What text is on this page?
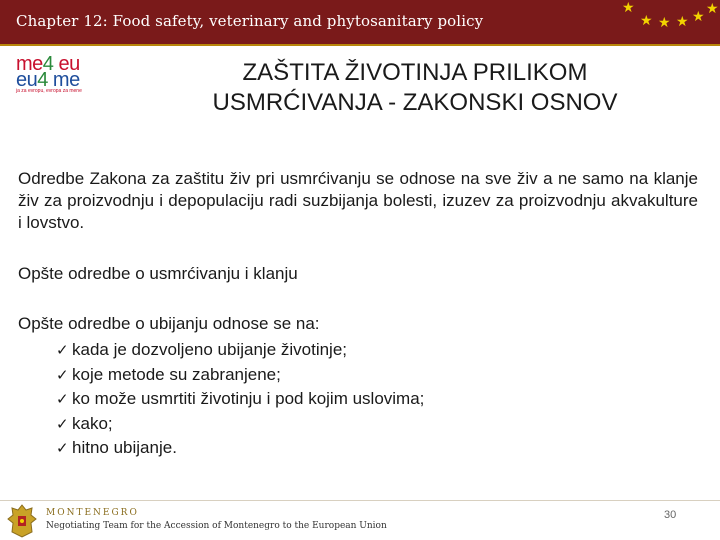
Chapter 12: Food safety, veterinary and phytosanitary policy
★
★ ★ ★ ★ ★
me4 eu
eu4 me
ja za evropu, evropa za mene
ZAŠTITA ŽIVOTINJA PRILIKOM
USMRĆIVANJA - ZAKONSKI OSNOV

Odredbe Zakona za zaštitu živ pri usmrćivanju se odnose na sve živ a ne samo na klanje živ za proizvodnju i depopulaciju radi suzbijanja bolesti, izuzev za proizvodnju akvakulture i lovstvo.

Opšte odredbe o usmrćivanju i klanju

Opšte odredbe o ubijanju odnose se na:

✓ kada je dozvoljeno ubijanje životinje;
✓ koje metode su zabranjene;
✓ ko može usmrtiti životinju i pod kojim uslovima;
✓ kako;
✓ hitno ubijanje.
MONTENEGRO
Negotiating Team for the Accession of Montenegro to the European Union
30
